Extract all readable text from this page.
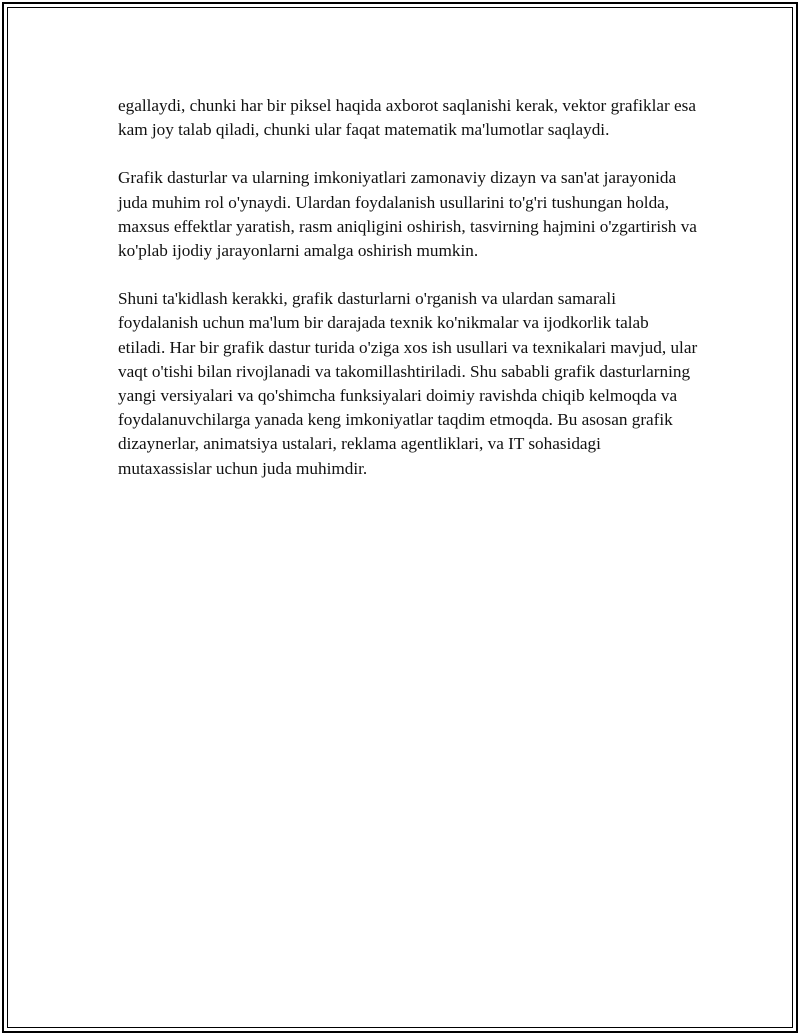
egallaydi, chunki har bir piksel haqida axborot saqlanishi kerak, vektor grafiklar esa kam joy talab qiladi, chunki ular faqat matematik ma'lumotlar saqlaydi.

Grafik dasturlar va ularning imkoniyatlari zamonaviy dizayn va san'at jarayonida juda muhim rol o'ynaydi. Ulardan foydalanish usullarini to'g'ri tushungan holda, maxsus effektlar yaratish, rasm aniqligini oshirish, tasvirning hajmini o'zgartirish va ko'plab ijodiy jarayonlarni amalga oshirish mumkin.

Shuni ta'kidlash kerakki, grafik dasturlarni o'rganish va ulardan samarali foydalanish uchun ma'lum bir darajada texnik ko'nikmalar va ijodkorlik talab etiladi. Har bir grafik dastur turida o'ziga xos ish usullari va texnikalari mavjud, ular vaqt o'tishi bilan rivojlanadi va takomillashtiriladi. Shu sababli grafik dasturlarning yangi versiyalari va qo'shimcha funksiyalari doimiy ravishda chiqib kelmoqda va foydalanuvchilarga yanada keng imkoniyatlar taqdim etmoqda. Bu asosan grafik dizaynerlar, animatsiya ustalari, reklama agentliklari, va IT sohasidagi mutaxassislar uchun juda muhimdir.
